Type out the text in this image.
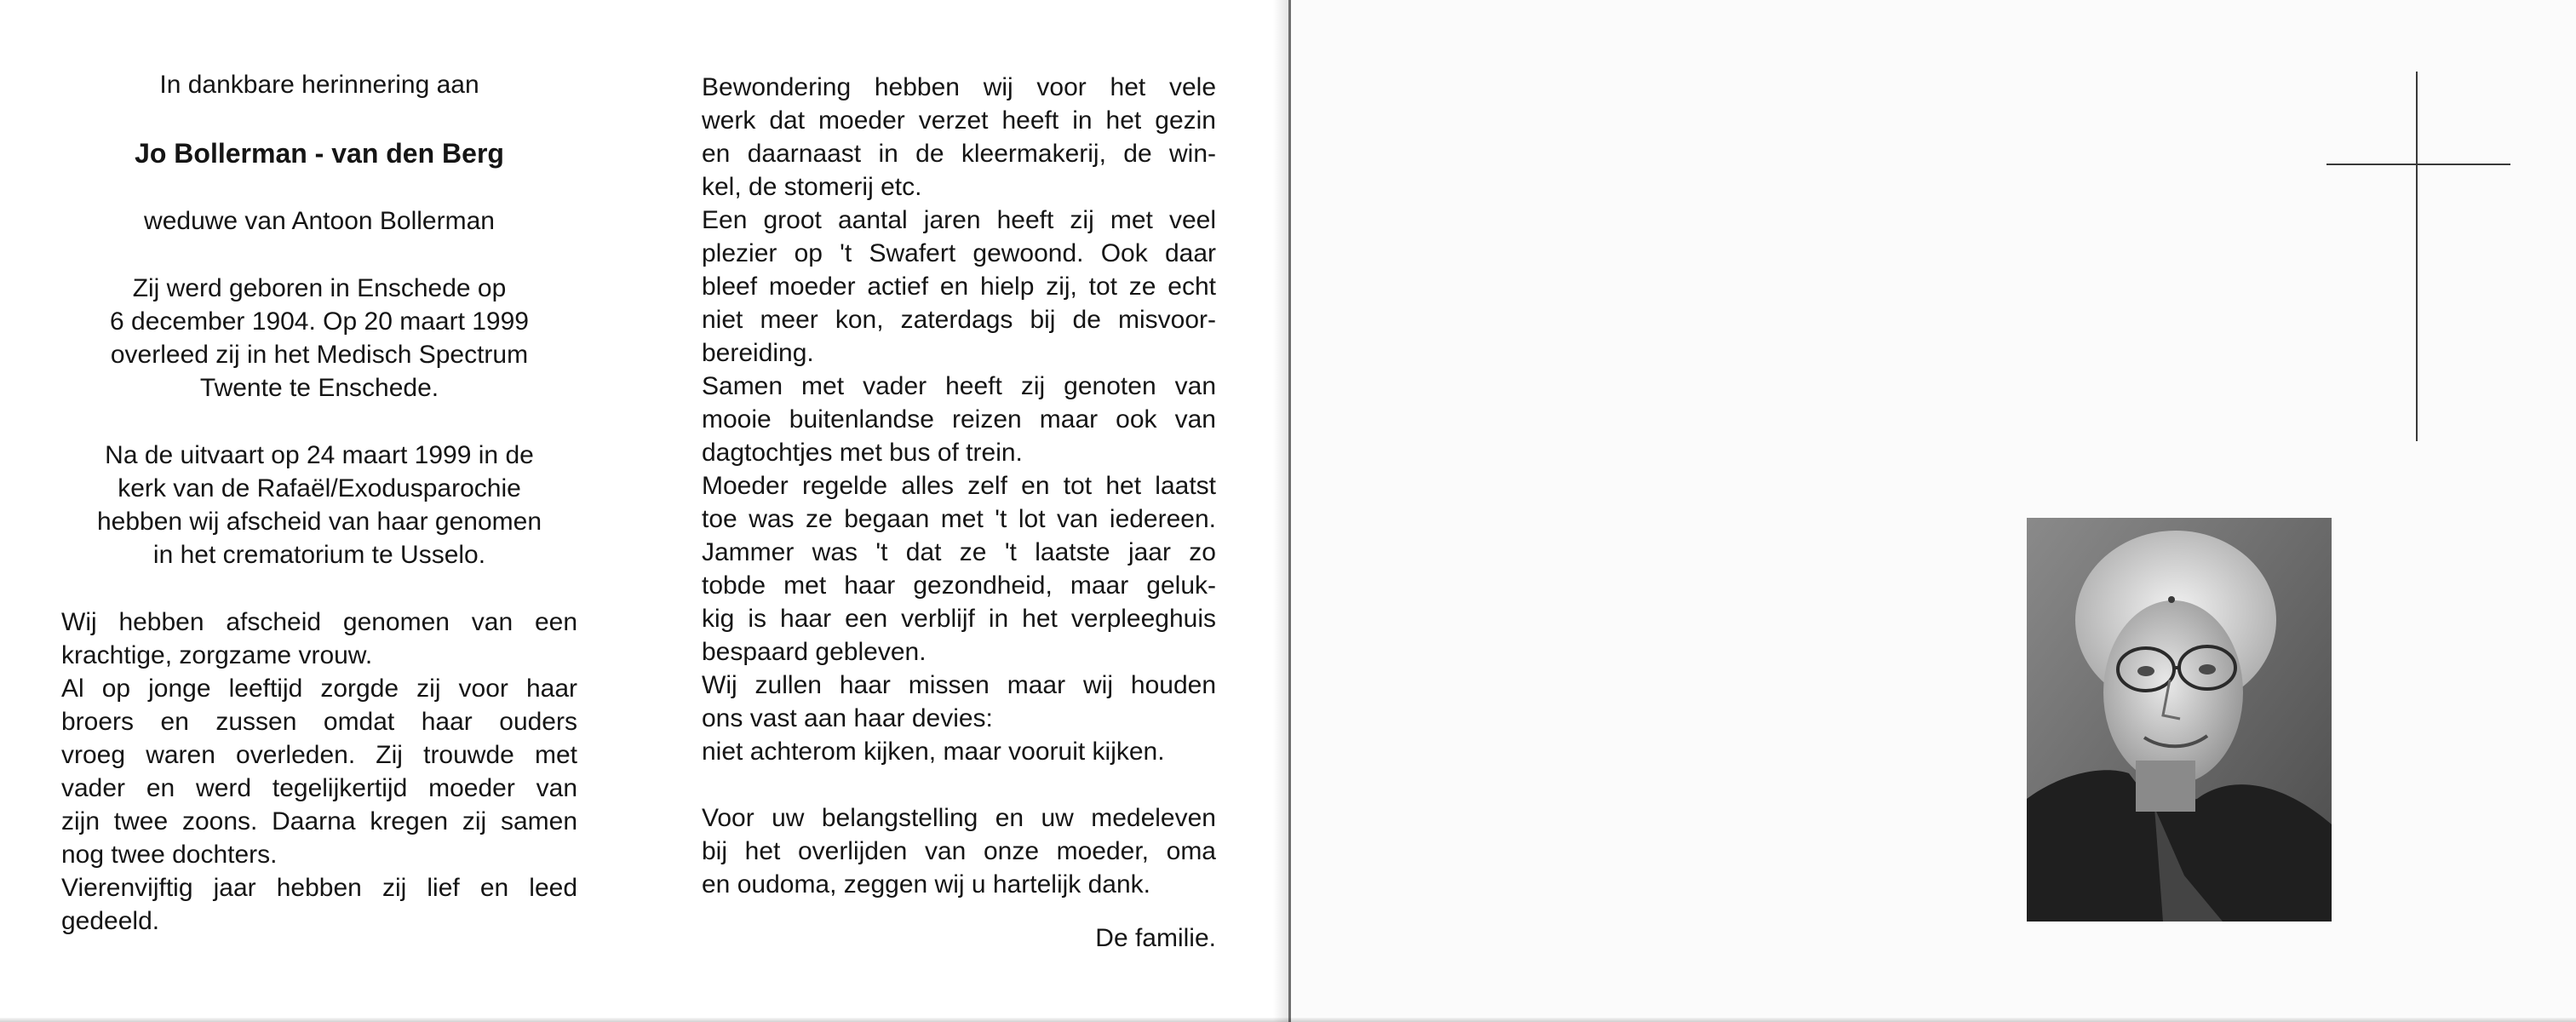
In dankbare herinnering aan
Jo Bollerman - van den Berg
weduwe van Antoon Bollerman
Zij werd geboren in Enschede op
6 december 1904. Op 20 maart 1999
overleed zij in het Medisch Spectrum
Twente te Enschede.
Na de uitvaart op 24 maart 1999 in de
kerk van de Rafaël/Exodusparochie
hebben wij afscheid van haar genomen
in het crematorium te Usselo.
Wij hebben afscheid genomen van een
krachtige, zorgzame vrouw.
Al op jonge leeftijd zorgde zij voor haar
broers en zussen omdat haar ouders
vroeg waren overleden. Zij trouwde met
vader en werd tegelijkertijd moeder van
zijn twee zoons. Daarna kregen zij samen
nog twee dochters.
Vierenvijftig jaar hebben zij lief en leed
gedeeld.
Bewondering hebben wij voor het vele
werk dat moeder verzet heeft in het gezin
en daarnaast in de kleermakerij, de win-
kel, de stomerij etc.
Een groot aantal jaren heeft zij met veel
plezier op 't Swafert gewoond. Ook daar
bleef moeder actief en hielp zij, tot ze echt
niet meer kon, zaterdags bij de misvoor-
bereiding.
Samen met vader heeft zij genoten van
mooie buitenlandse reizen maar ook van
dagtochtjes met bus of trein.
Moeder regelde alles zelf en tot het laatst
toe was ze begaan met 't lot van iedereen.
Jammer was 't dat ze 't laatste jaar zo
tobde met haar gezondheid, maar geluk-
kig is haar een verblijf in het verpleeghuis
bespaard gebleven.
Wij zullen haar missen maar wij houden
ons vast aan haar devies:
niet achterom kijken, maar vooruit kijken.
Voor uw belangstelling en uw medeleven
bij het overlijden van onze moeder, oma
en oudoma, zeggen wij u hartelijk dank.
De familie.
